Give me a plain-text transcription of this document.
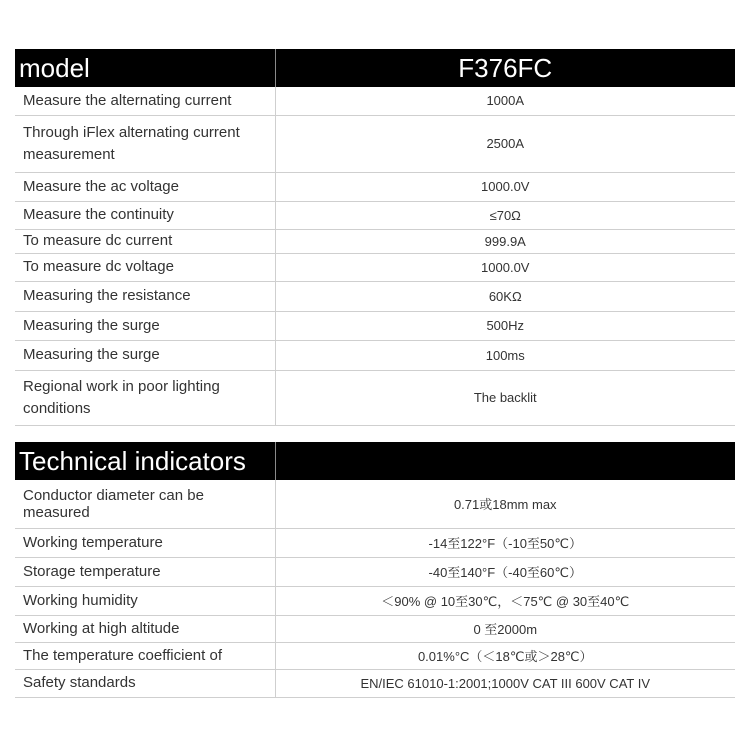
model	F376FC
Measure the alternating current	1000A
Through iFlex alternating current measurement	2500A
Measure the ac voltage	1000.0V
Measure the continuity	≤70Ω
To measure dc current	999.9A
To measure dc voltage	1000.0V
Measuring the resistance	60KΩ
Measuring the surge	500Hz
Measuring the surge	100ms
Regional work in poor lighting conditions	The backlit
Technical indicators	
Conductor diameter can be measured	0.71或18mm max
Working temperature	-14至122°F（-10至50℃）
Storage temperature	-40至140°F（-40至60℃）
Working humidity	＜90% @ 10至30℃，＜75℃ @ 30至40℃
Working at high altitude	0 至2000m
The temperature coefficient of	0.01%°C（＜18℃或＞28℃）
Safety standards	EN/IEC 61010-1:2001;1000V CAT III 600V CAT IV
